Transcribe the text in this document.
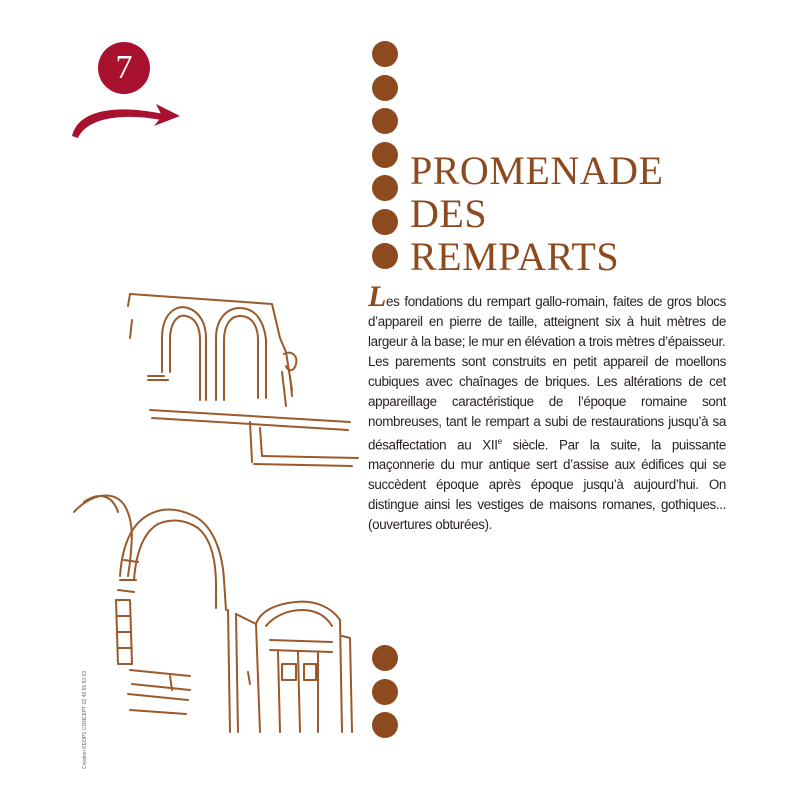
7
PROMENADE
DES
REMPARTS

Les fondations du rempart gallo-romain, faites de gros blocs d’appareil en pierre de taille, atteignent six à huit mètres de largeur à la base; le mur en élévation a trois mètres d’épaisseur.

Les parements sont construits en petit appareil de moellons cubiques avec chaînages de briques. Les altérations de cet appareillage caractéristique de l’époque romaine sont nombreuses, tant le rempart a subi de restaurations jusqu’à sa désaffectation au XIIe siècle. Par la suite, la puissante maçonnerie du mur antique sert d’assise aux édifices qui se succèdent époque après époque jusqu’à aujourd’hui. On distingue ainsi les vestiges de maisons romanes, gothiques... (ouvertures obturées).

Création KEOPS CONCEPT 02 48 55 83 63
